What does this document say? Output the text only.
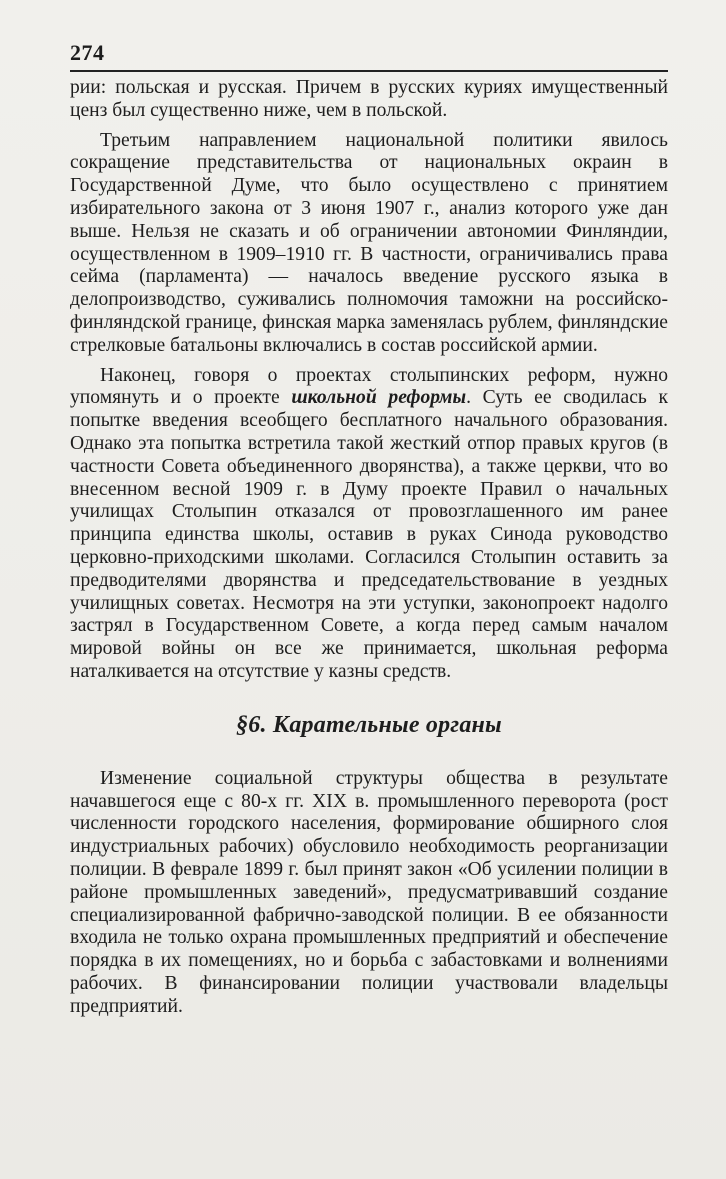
274

рии: польская и русская. Причем в русских куриях имущественный ценз был существенно ниже, чем в польской.

Третьим направлением национальной политики явилось сокращение представительства от национальных окраин в Государственной Думе, что было осуществлено с принятием избирательного закона от 3 июня 1907 г., анализ которого уже дан выше. Нельзя не сказать и об ограничении автономии Финляндии, осуществленном в 1909–1910 гг. В частности, ограничивались права сейма (парламента) — началось введение русского языка в делопроизводство, суживались полномочия таможни на российско-финляндской границе, финская марка заменялась рублем, финляндские стрелковые батальоны включались в состав российской армии.

Наконец, говоря о проектах столыпинских реформ, нужно упомянуть и о проекте школьной реформы. Суть ее сводилась к попытке введения всеобщего бесплатного начального образования. Однако эта попытка встретила такой жесткий отпор правых кругов (в частности Совета объединенного дворянства), а также церкви, что во внесенном весной 1909 г. в Думу проекте Правил о начальных училищах Столыпин отказался от провозглашенного им ранее принципа единства школы, оставив в руках Синода руководство церковно-приходскими школами. Согласился Столыпин оставить за предводителями дворянства и председательствование в уездных училищных советах. Несмотря на эти уступки, законопроект надолго застрял в Государственном Совете, а когда перед самым началом мировой войны он все же принимается, школьная реформа наталкивается на отсутствие у казны средств.

§6. Карательные органы

Изменение социальной структуры общества в результате начавшегося еще с 80-х гг. XIX в. промышленного переворота (рост численности городского населения, формирование обширного слоя индустриальных рабочих) обусловило необходимость реорганизации полиции. В феврале 1899 г. был принят закон «Об усилении полиции в районе промышленных заведений», предусматривавший создание специализированной фабрично-заводской полиции. В ее обязанности входила не только охрана промышленных предприятий и обеспечение порядка в их помещениях, но и борьба с забастовками и волнениями рабочих. В финансировании полиции участвовали владельцы предприятий.
